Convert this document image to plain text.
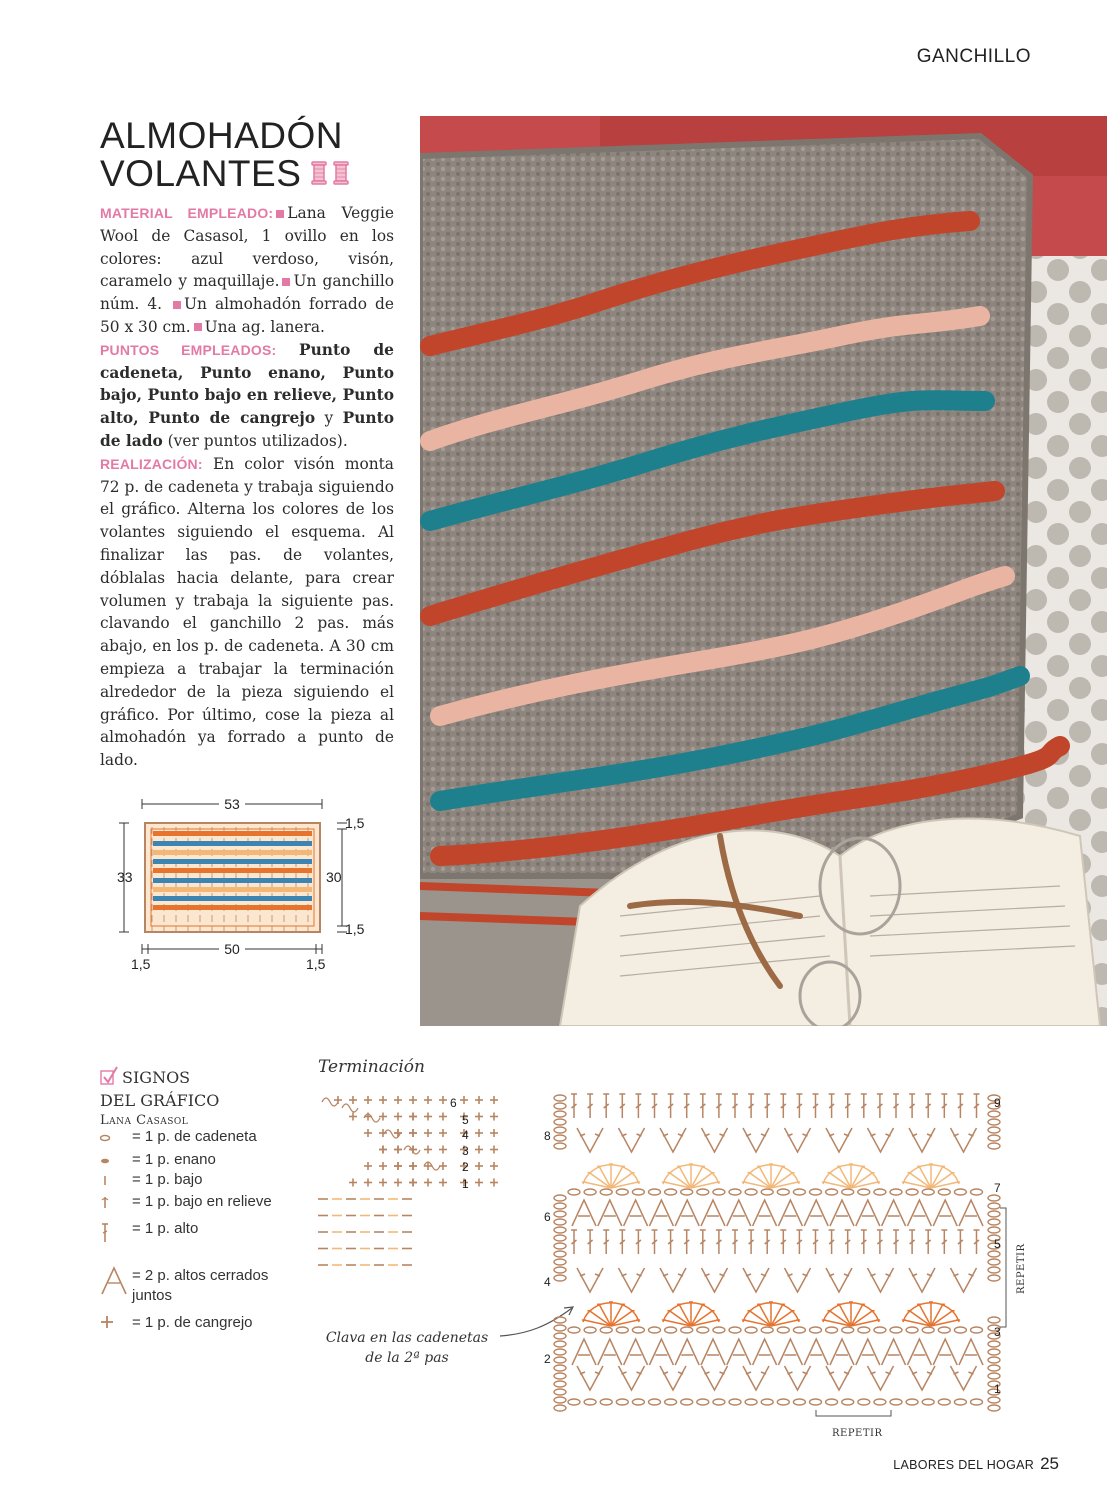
GANCHILLO
ALMOHADÓN
VOLANTES

MATERIAL EMPLEADO: Lana Veggie Wool de Casasol, 1 ovillo en los colores: azul verdoso, visón, caramelo y maquillaje. Un ganchillo núm. 4. Un almohadón forrado de 50 x 30 cm. Una ag. lanera.

PUNTOS EMPLEADOS: Punto de cadeneta, Punto enano, Punto bajo, Punto bajo en relieve, Punto alto, Punto de cangrejo y Punto de lado (ver puntos utilizados).

REALIZACIÓN: En color visón monta 72 p. de cadeneta y trabaja siguiendo el gráfico. Alterna los colores de los volantes siguiendo el esquema. Al finalizar las pas. de volantes, dóblalas hacia delante, para crear volumen y trabaja la siguiente pas. clavando el ganchillo 2 pas. más abajo, en los p. de cadeneta. A 30 cm empieza a trabajar la terminación alrededor de la pieza siguiendo el gráfico. Por último, cose la pieza al almohadón ya forrado a punto de lado.

53
33	30
1,5
1,5
50
1,5	1,5
SIGNOS
DEL GRÁFICO
Lana Casasol
= 1 p. de cadeneta
= 1 p. enano
= 1 p. bajo
= 1 p. bajo en relieve
= 1 p. alto
= 2 p. altos cerrados juntos
= 1 p. de cangrejo
Terminación
6
5
4
3
2
1
Clava en las cadenetas
de la 2ª pas
8
6
4
2
9
7
5
3
1
REPETIR
REPETIR
LABORES DEL HOGAR 25
